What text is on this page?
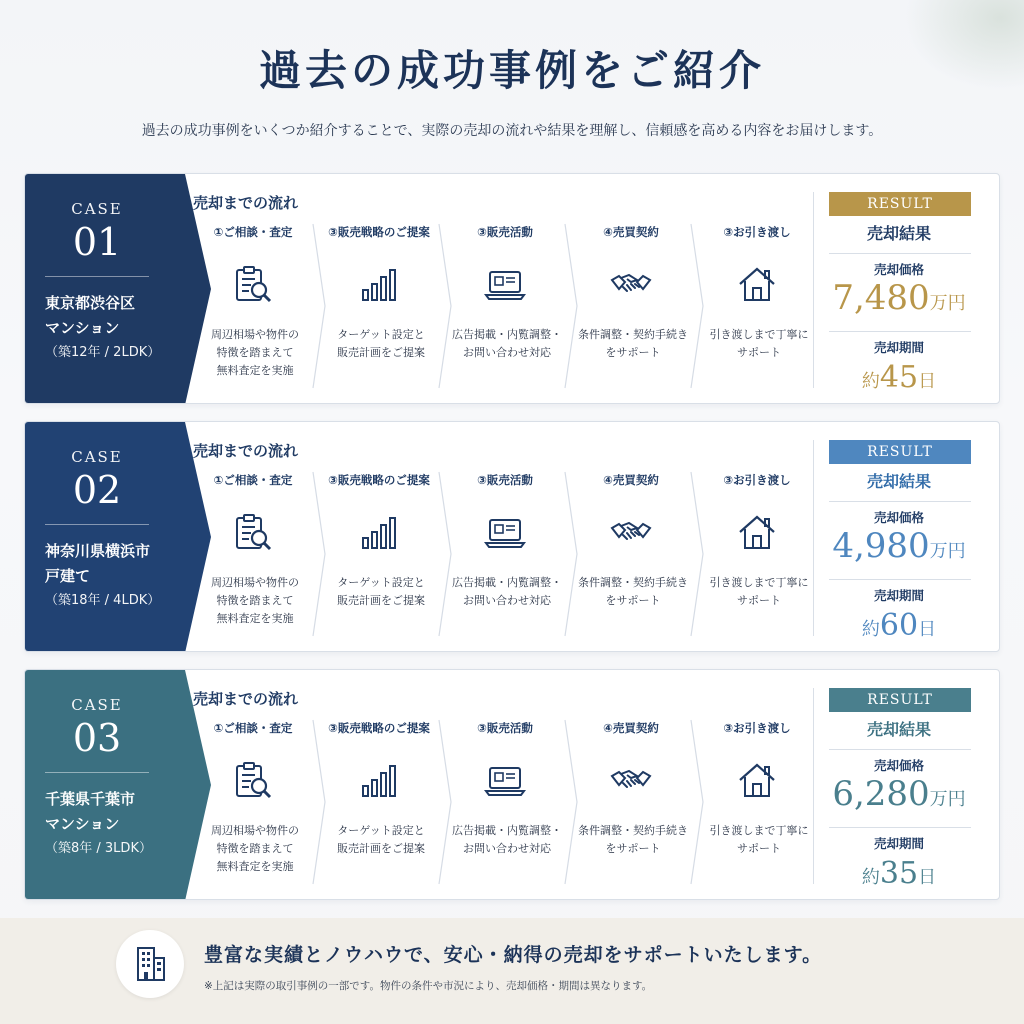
過去の成功事例をご紹介

過去の成功事例をいくつか紹介することで、実際の売却の流れや結果を理解し、信頼感を高める内容をお届けします。

CASE
01
東京都渋谷区
マンション
（築12年 / 2LDK）
売却までの流れ
①ご相談・査定
周辺相場や物件の
特徴を踏まえて
無料査定を実施
③販売戦略のご提案
ターゲット設定と
販売計画をご提案
③販売活動
広告掲載・内覧調整・
お問い合わせ対応
④売買契約
条件調整・契約手続き
をサポート
③お引き渡し
引き渡しまで丁寧に
サポート
RESULT
売却結果
売却価格
7,480万円
売却期間
約45日
CASE
02
神奈川県横浜市
戸建て
（築18年 / 4LDK）
売却までの流れ
①ご相談・査定
周辺相場や物件の
特徴を踏まえて
無料査定を実施
③販売戦略のご提案
ターゲット設定と
販売計画をご提案
③販売活動
広告掲載・内覧調整・
お問い合わせ対応
④売買契約
条件調整・契約手続き
をサポート
③お引き渡し
引き渡しまで丁寧に
サポート
RESULT
売却結果
売却価格
4,980万円
売却期間
約60日
CASE
03
千葉県千葉市
マンション
（築8年 / 3LDK）
売却までの流れ
①ご相談・査定
周辺相場や物件の
特徴を踏まえて
無料査定を実施
③販売戦略のご提案
ターゲット設定と
販売計画をご提案
③販売活動
広告掲載・内覧調整・
お問い合わせ対応
④売買契約
条件調整・契約手続き
をサポート
③お引き渡し
引き渡しまで丁寧に
サポート
RESULT
売却結果
売却価格
6,280万円
売却期間
約35日
豊富な実績とノウハウで、安心・納得の売却をサポートいたします。
※上記は実際の取引事例の一部です。物件の条件や市況により、売却価格・期間は異なります。
